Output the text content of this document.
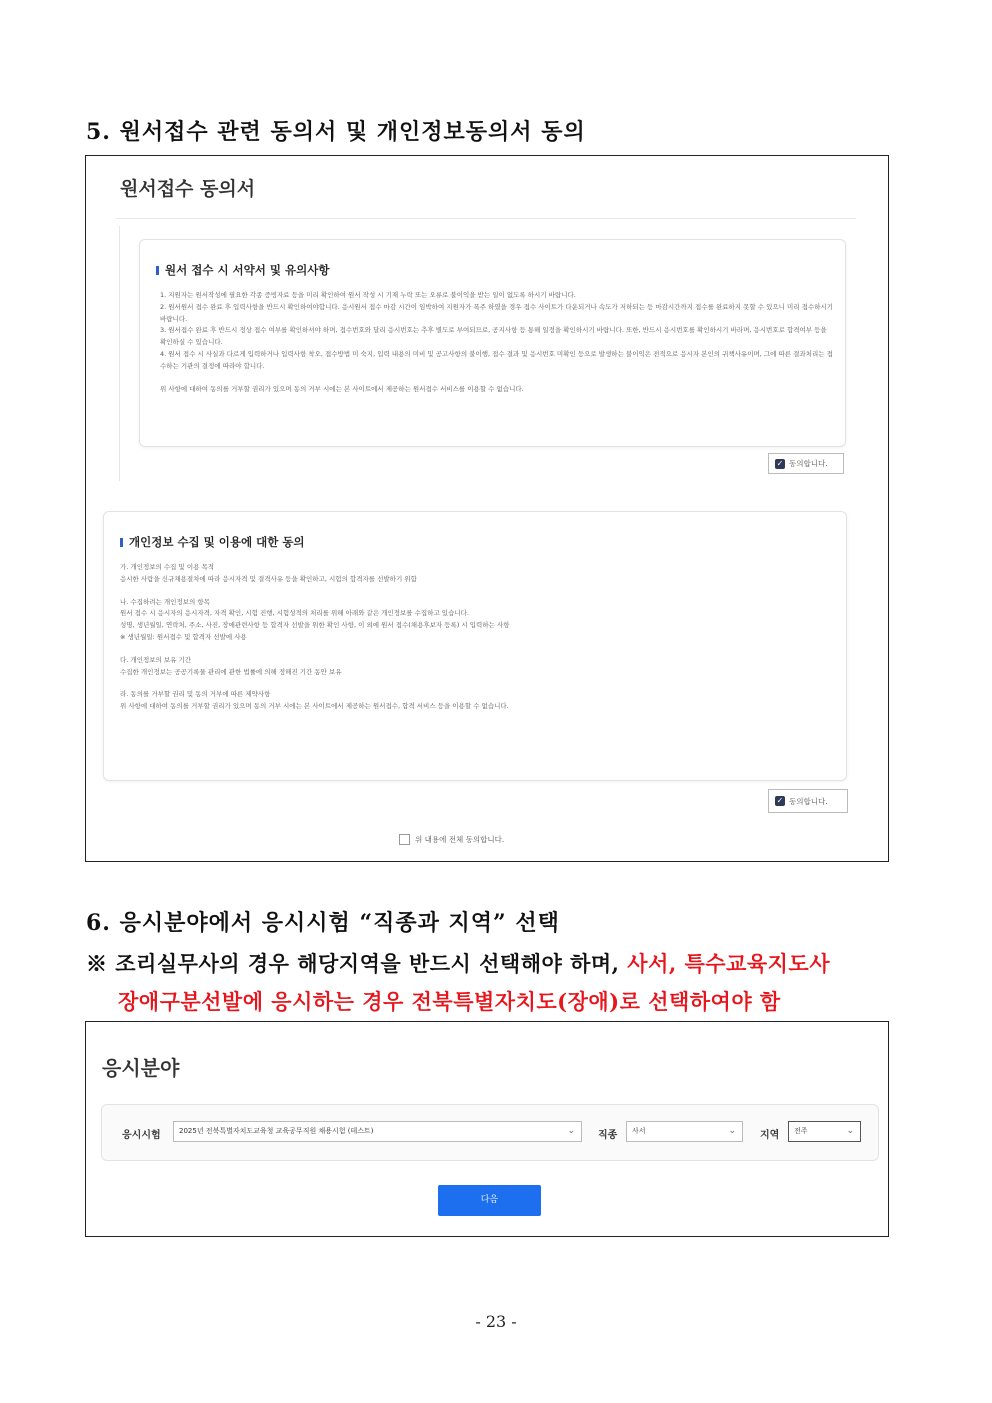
5. 원서접수 관련 동의서 및 개인정보동의서 동의
원서접수 동의서
원서 접수 시 서약서 및 유의사항

1. 지원자는 원서작성에 필요한 각종 증빙자료 등을 미리 확인하여 원서 작성 시 기재 누락 또는 오류로 불이익을 받는 일이 없도록 하시기 바랍니다.

2. 원서원서 접수 완료 후 입력사항을 반드시 확인하여야합니다. 응시원서 접수 마감 시간이 임박하여 지원자가 폭주 하였을 경우 접수 사이트가 다운되거나 속도가 저하되는 등 마감시간까지 접수를 완료하지 못할 수 있으니 미리 접수하시기 바랍니다.

3. 원서접수 완료 후 반드시 정상 접수 여부를 확인하셔야 하며, 접수번호와 달리 응시번호는 추후 별도로 부여되므로, 공지사항 등 통해 일정을 확인하시기 바랍니다. 또한, 반드시 응시번호를 확인하시기 바라며, 응시번호로 합격여부 등을 확인하실 수 있습니다.

4. 원서 접수 시 사실과 다르게 입력하거나 입력사항 착오, 접수방법 미 숙지, 입력 내용의 미비 및 공고사항의 불이행, 접수 결과 및 응시번호 미확인 등으로 발생하는 불이익은 전적으로 응시자 본인의 귀책사유이며, 그에 따른 결과처리는 접수하는 기관의 결정에 따라야 합니다.

위 사항에 대하여 동의를 거부할 권리가 있으며 동의 거부 시에는 본 사이트에서 제공하는 원서접수 서비스를 이용할 수 없습니다.

✓ 동의합니다.
개인정보 수집 및 이용에 대한 동의

가. 개인정보의 수집 및 이용 목적

응시한 사람을 신규채용절차에 따라 응시자격 및 결격사유 등을 확인하고, 시험의 합격자를 선발하기 위함

나. 수집하려는 개인정보의 항목

원서 접수 시 응시자의 응시자격, 자격 확인, 시험 진행, 시험성적의 처리를 위해 아래와 같은 개인정보를 수집하고 있습니다.

성명, 생년월일, 연락처, 주소, 사진, 장애관련사항 등 합격자 선발을 위한 확인 사항, 이 외에 원서 접수(채용후보자 등록) 시 입력하는 사항

※ 생년월일: 원서접수 및 합격자 선발에 사용

다. 개인정보의 보유 기간

수집한 개인정보는 공공기록물 관리에 관한 법률에 의해 정해진 기간 동안 보유

라. 동의를 거부할 권리 및 동의 거부에 따른 제약사항

위 사항에 대하여 동의를 거부할 권리가 있으며 동의 거부 시에는 본 사이트에서 제공하는 원서접수, 합격 서비스 등을 이용할 수 없습니다.

✓ 동의합니다.
위 내용에 전체 동의합니다.
6. 응시분야에서 응시시험 “직종과 지역” 선택
※ 조리실무사의 경우 해당지역을 반드시 선택해야 하며, 사서, 특수교육지도사
장애구분선발에 응시하는 경우 전북특별자치도(장애)로 선택하여야 함
응시분야
응시시험	2025년 전북특별자치도교육청 교육공무직원 채용시험 (테스트)	⌄ 직종	사서	⌄ 지역	전주	⌄
다음
- 23 -
